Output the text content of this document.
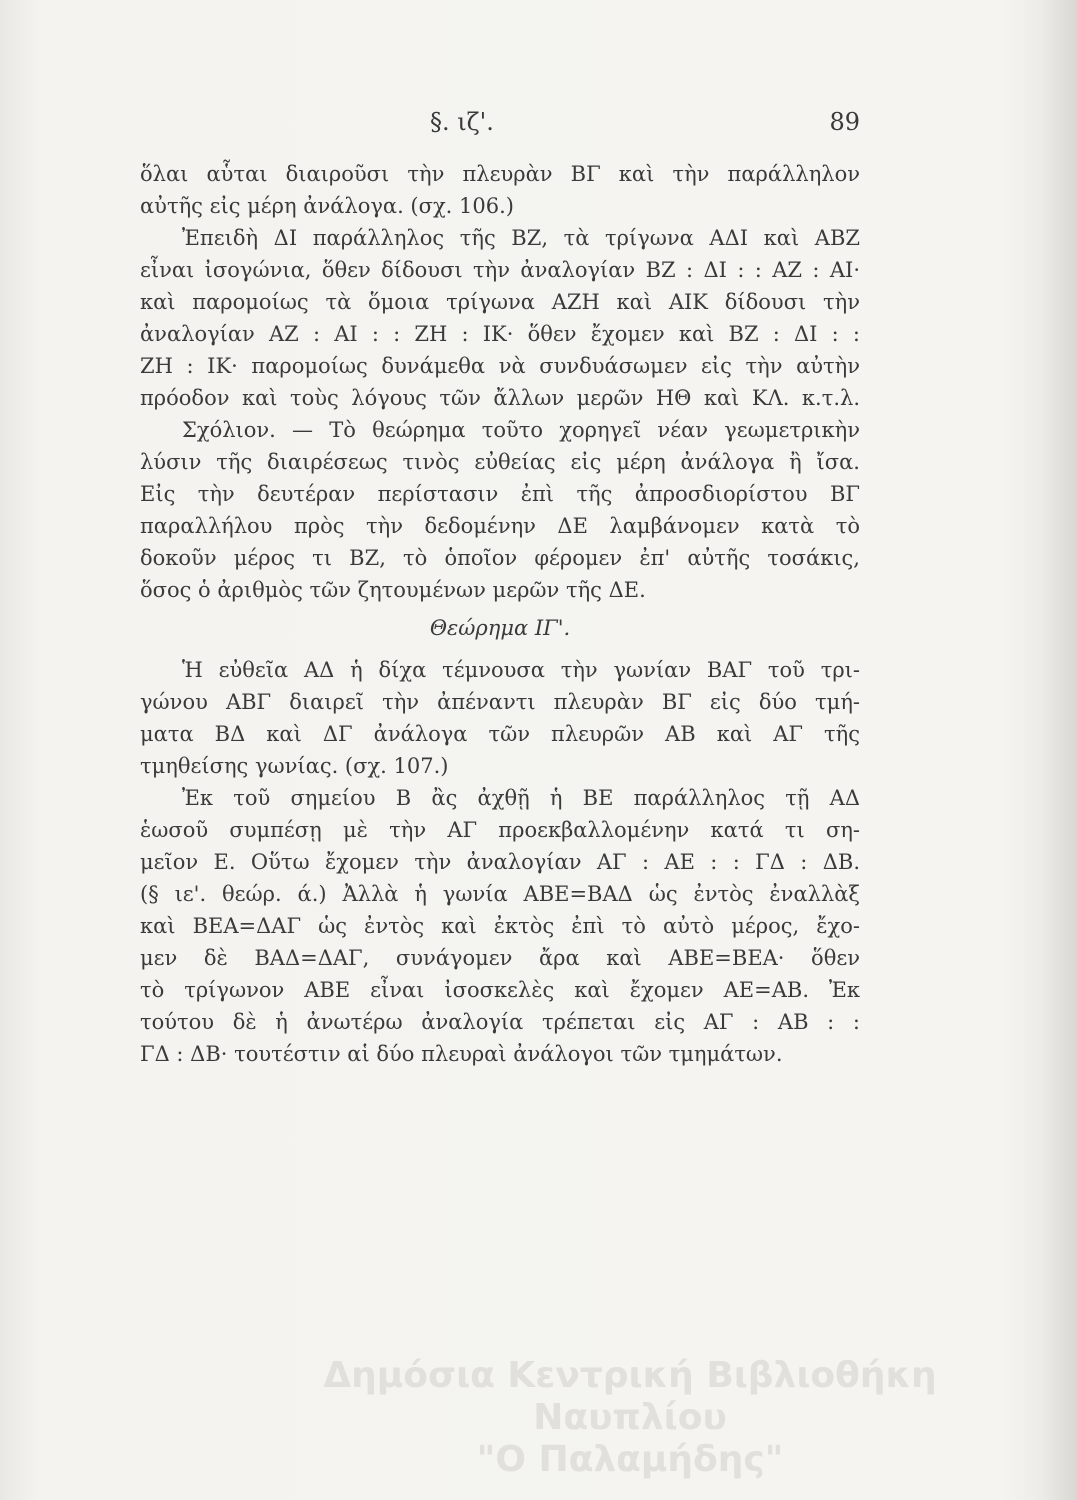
§. ιζ'.	89
ὅλαι αὗται διαιροῦσι τὴν πλευρὰν ΒΓ καὶ τὴν παράλληλον
αὐτῆς εἰς μέρη ἀνάλογα. (σχ. 106.)
Ἐπειδὴ ΔΙ παράλληλος τῆς ΒΖ, τὰ τρίγωνα ΑΔΙ καὶ ΑΒΖ
εἶναι ἰσογώνια, ὅθεν δίδουσι τὴν ἀναλογίαν ΒΖ : ΔΙ : : ΑΖ : ΑΙ·
καὶ παρομοίως τὰ ὅμοια τρίγωνα ΑΖΗ καὶ ΑΙΚ δίδουσι τὴν
ἀναλογίαν ΑΖ : ΑΙ : : ΖΗ : ΙΚ· ὅθεν ἔχομεν καὶ ΒΖ : ΔΙ : :
ΖΗ : ΙΚ· παρομοίως δυνάμεθα νὰ συνδυάσωμεν εἰς τὴν αὐτὴν
πρόοδον καὶ τοὺς λόγους τῶν ἄλλων μερῶν ΗΘ καὶ ΚΛ. κ.τ.λ.
Σχόλιον. — Τὸ θεώρημα τοῦτο χορηγεῖ νέαν γεωμετρικὴν
λύσιν τῆς διαιρέσεως τινὸς εὐθείας εἰς μέρη ἀνάλογα ἢ ἴσα.
Εἰς τὴν δευτέραν περίστασιν ἐπὶ τῆς ἀπροσδιορίστου ΒΓ
παραλλήλου πρὸς τὴν δεδομένην ΔΕ λαμβάνομεν κατὰ τὸ
δοκοῦν μέρος τι ΒΖ, τὸ ὁποῖον φέρομεν ἐπ' αὐτῆς τοσάκις,
ὅσος ὁ ἀριθμὸς τῶν ζητουμένων μερῶν τῆς ΔΕ.
Θεώρημα ΙΓ'.
Ἡ εὐθεῖα ΑΔ ἡ δίχα τέμνουσα τὴν γωνίαν ΒΑΓ τοῦ τρι-
γώνου ΑΒΓ διαιρεῖ τὴν ἀπέναντι πλευρὰν ΒΓ εἰς δύο τμή-
ματα ΒΔ καὶ ΔΓ ἀνάλογα τῶν πλευρῶν ΑΒ καὶ ΑΓ τῆς
τμηθείσης γωνίας. (σχ. 107.)
Ἐκ τοῦ σημείου Β ἂς ἀχθῇ ἡ ΒΕ παράλληλος τῇ ΑΔ
ἑωσοῦ συμπέσῃ μὲ τὴν ΑΓ προεκβαλλομένην κατά τι ση-
μεῖον Ε. Οὕτω ἔχομεν τὴν ἀναλογίαν ΑΓ : ΑΕ : : ΓΔ : ΔΒ.
(§ ιε'. θεώρ. ά.) Ἀλλὰ ἡ γωνία ΑΒΕ=ΒΑΔ ὡς ἐντὸς ἐναλλὰξ
καὶ ΒΕΑ=ΔΑΓ ὡς ἐντὸς καὶ ἐκτὸς ἐπὶ τὸ αὐτὸ μέρος, ἔχο-
μεν δὲ ΒΑΔ=ΔΑΓ, συνάγομεν ἄρα καὶ ΑΒΕ=ΒΕΑ· ὅθεν
τὸ τρίγωνον ΑΒΕ εἶναι ἰσοσκελὲς καὶ ἔχομεν ΑΕ=ΑΒ. Ἐκ
τούτου δὲ ἡ ἀνωτέρω ἀναλογία τρέπεται εἰς ΑΓ : ΑΒ : :
ΓΔ : ΔΒ· τουτέστιν αἱ δύο πλευραὶ ἀνάλογοι τῶν τμημάτων.
Δημόσια Κεντρική Βιβλιοθήκη Ναυπλίου
"Ο Παλαμήδης"
